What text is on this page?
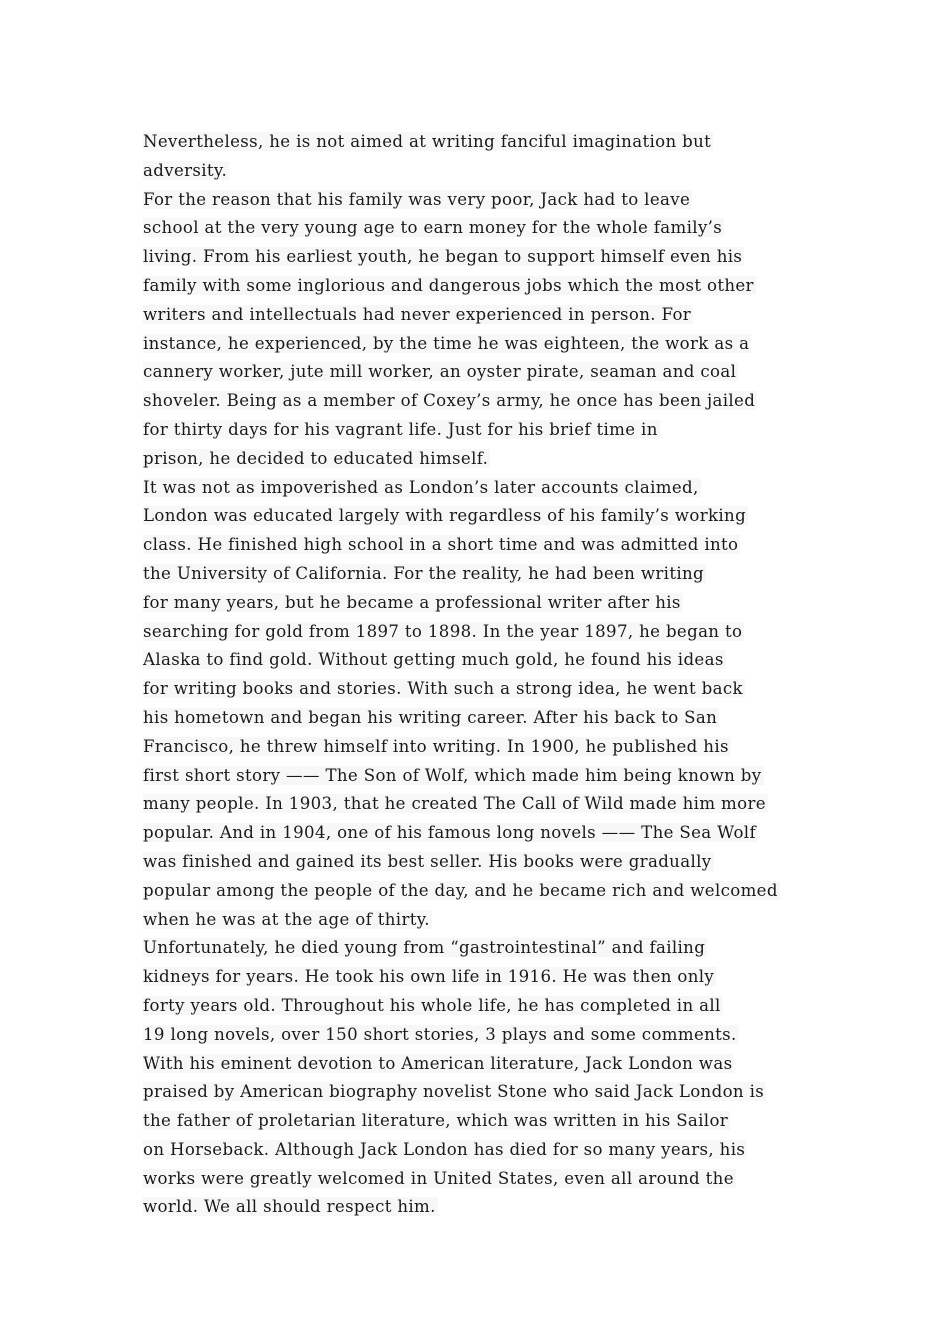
Nevertheless, he is not aimed at writing fanciful imagination but
adversity.
For the reason that his family was very poor, Jack had to leave
school at the very young age to earn money for the whole family’s
living. From his earliest youth, he began to support himself even his
family with some inglorious and dangerous jobs which the most other
writers and intellectuals had never experienced in person. For
instance, he experienced, by the time he was eighteen, the work as a
cannery worker, jute mill worker, an oyster pirate, seaman and coal
shoveler. Being as a member of Coxey’s army, he once has been jailed
for thirty days for his vagrant life. Just for his brief time in
prison, he decided to educated himself.
It was not as impoverished as London’s later accounts claimed,
London was educated largely with regardless of his family’s working
class. He finished high school in a short time and was admitted into
the University of California. For the reality, he had been writing
for many years, but he became a professional writer after his
searching for gold from 1897 to 1898. In the year 1897, he began to
Alaska to find gold. Without getting much gold, he found his ideas
for writing books and stories. With such a strong idea, he went back
his hometown and began his writing career. After his back to San
Francisco, he threw himself into writing. In 1900, he published his
first short story —— The Son of Wolf, which made him being known by
many people. In 1903, that he created The Call of Wild made him more
popular. And in 1904, one of his famous long novels —— The Sea Wolf
was finished and gained its best seller. His books were gradually
popular among the people of the day, and he became rich and welcomed
when he was at the age of thirty.
Unfortunately, he died young from “gastrointestinal” and failing
kidneys for years. He took his own life in 1916. He was then only
forty years old. Throughout his whole life, he has completed in all
19 long novels, over 150 short stories, 3 plays and some comments.
With his eminent devotion to American literature, Jack London was
praised by American biography novelist Stone who said Jack London is
the father of proletarian literature, which was written in his Sailor
on Horseback. Although Jack London has died for so many years, his
works were greatly welcomed in United States, even all around the
world. We all should respect him.
